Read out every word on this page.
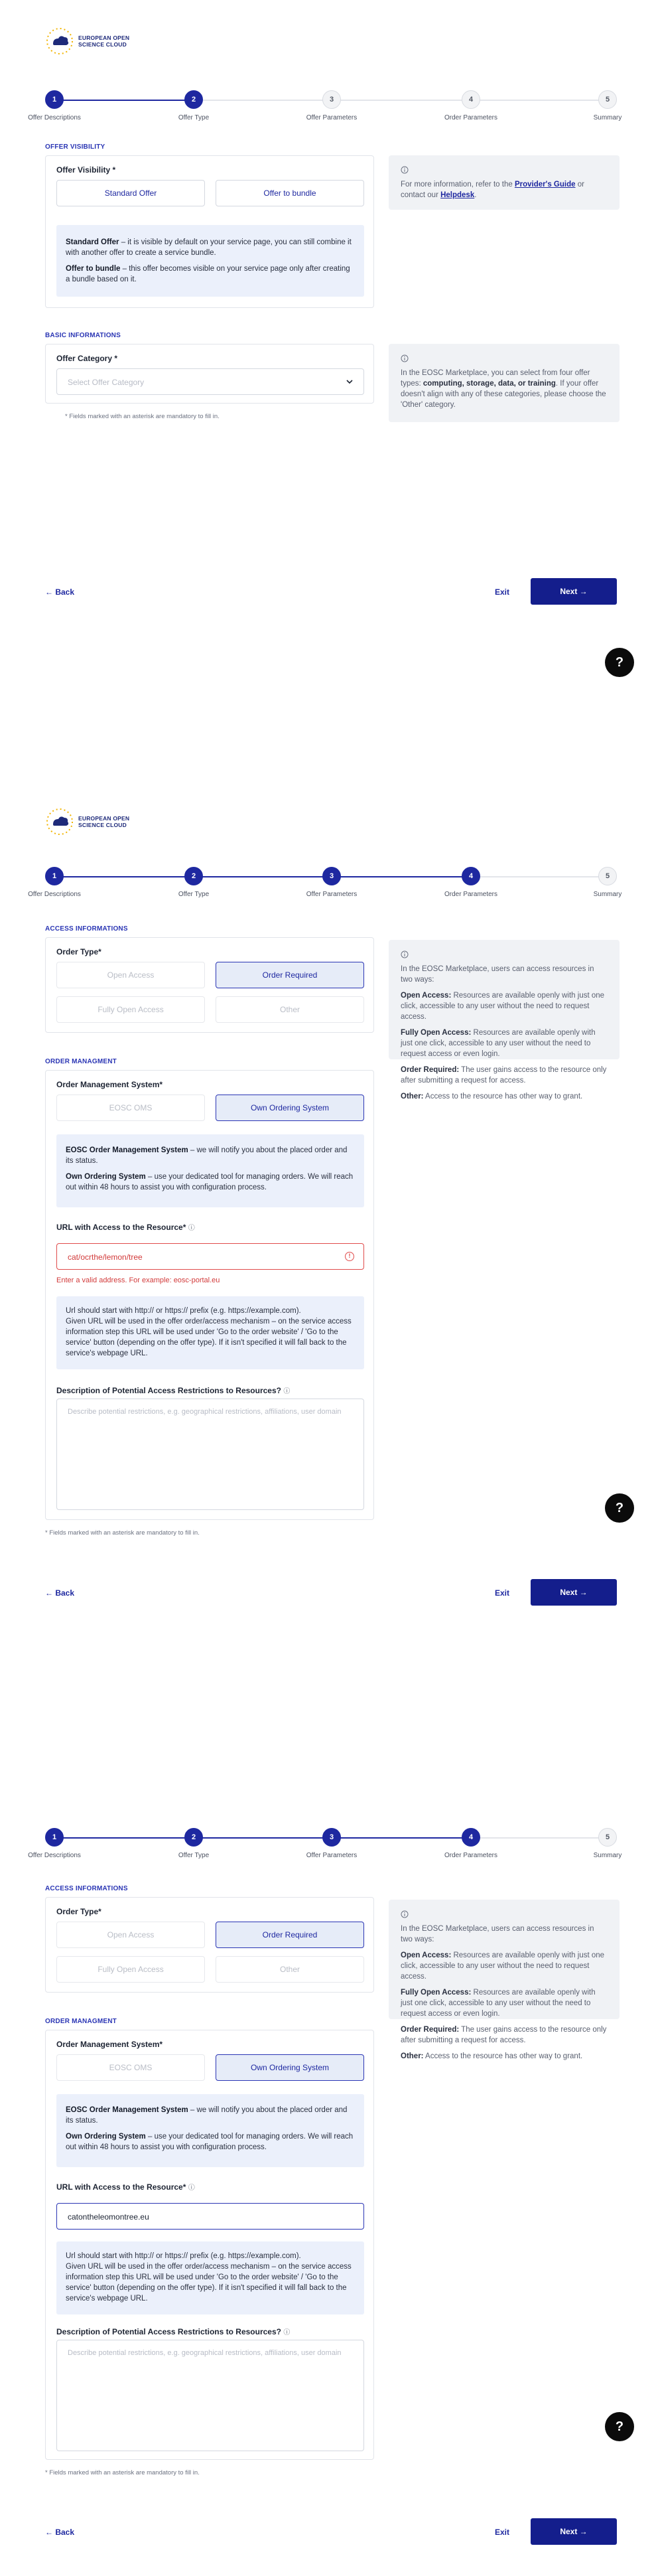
EUROPEAN OPEN
SCIENCE CLOUD
1
Offer Descriptions
2
Offer Type
3
Offer Parameters
4
Order Parameters
5
Summary
OFFER VISIBILITY
Offer Visibility *
Standard Offer	Offer to bundle

Standard Offer – it is visible by default on your service page, you can still combine it with another offer to create a service bundle.

Offer to bundle – this offer becomes visible on your service page only after creating a bundle based on it.

For more information, refer to the Provider's Guide or contact our Helpdesk.

BASIC INFORMATIONS
Offer Category *
Select Offer Category
* Fields marked with an asterisk are mandatory to fill in.

In the EOSC Marketplace, you can select from four offer types: computing, storage, data, or training. If your offer doesn't align with any of these categories, please choose the 'Other' category.

← Back	Exit	Next →
?
EUROPEAN OPEN
SCIENCE CLOUD
1
Offer Descriptions
2
Offer Type
3
Offer Parameters
4
Order Parameters
5
Summary
ACCESS INFORMATIONS
Order Type*
Open Access	Order Required
Fully Open Access	Other

In the EOSC Marketplace, users can access resources in two ways:

Open Access: Resources are available openly with just one click, accessible to any user without the need to request access.

Fully Open Access: Resources are available openly with just one click, accessible to any user without the need to request access or even login.

Order Required: The user gains access to the resource only after submitting a request for access.

Other: Access to the resource has other way to grant.

ORDER MANAGMENT
Order Management System*
EOSC OMS	Own Ordering System

EOSC Order Management System – we will notify you about the placed order and its status.

Own Ordering System – use your dedicated tool for managing orders. We will reach out within 48 hours to assist you with configuration process.

URL with Access to the Resource* ⓘ
cat/ocrthe/lemon/tree	!
Enter a valid address. For example: eosc-portal.eu

Url should start with http:// or https:// prefix (e.g. https://example.com).
Given URL will be used in the offer order/access mechanism – on the service access information step this URL will be used under 'Go to the order website' / 'Go to the service' button (depending on the offer type). If it isn't specified it will fall back to the service's webpage URL.

Description of Potential Access Restrictions to Resources? ⓘ
Describe potential restrictions, e.g. geographical restrictions, affiliations, user domain
* Fields marked with an asterisk are mandatory to fill in.
?
← Back	Exit	Next →
1
Offer Descriptions
2
Offer Type
3
Offer Parameters
4
Order Parameters
5
Summary
ACCESS INFORMATIONS
Order Type*
Open Access	Order Required
Fully Open Access	Other

In the EOSC Marketplace, users can access resources in two ways:

Open Access: Resources are available openly with just one click, accessible to any user without the need to request access.

Fully Open Access: Resources are available openly with just one click, accessible to any user without the need to request access or even login.

Order Required: The user gains access to the resource only after submitting a request for access.

Other: Access to the resource has other way to grant.

ORDER MANAGMENT
Order Management System*
EOSC OMS	Own Ordering System

EOSC Order Management System – we will notify you about the placed order and its status.

Own Ordering System – use your dedicated tool for managing orders. We will reach out within 48 hours to assist you with configuration process.

URL with Access to the Resource* ⓘ
catontheleomontree.eu

Url should start with http:// or https:// prefix (e.g. https://example.com).
Given URL will be used in the offer order/access mechanism – on the service access information step this URL will be used under 'Go to the order website' / 'Go to the service' button (depending on the offer type). If it isn't specified it will fall back to the service's webpage URL.

Description of Potential Access Restrictions to Resources? ⓘ
Describe potential restrictions, e.g. geographical restrictions, affiliations, user domain
* Fields marked with an asterisk are mandatory to fill in.
?
← Back	Exit	Next →
